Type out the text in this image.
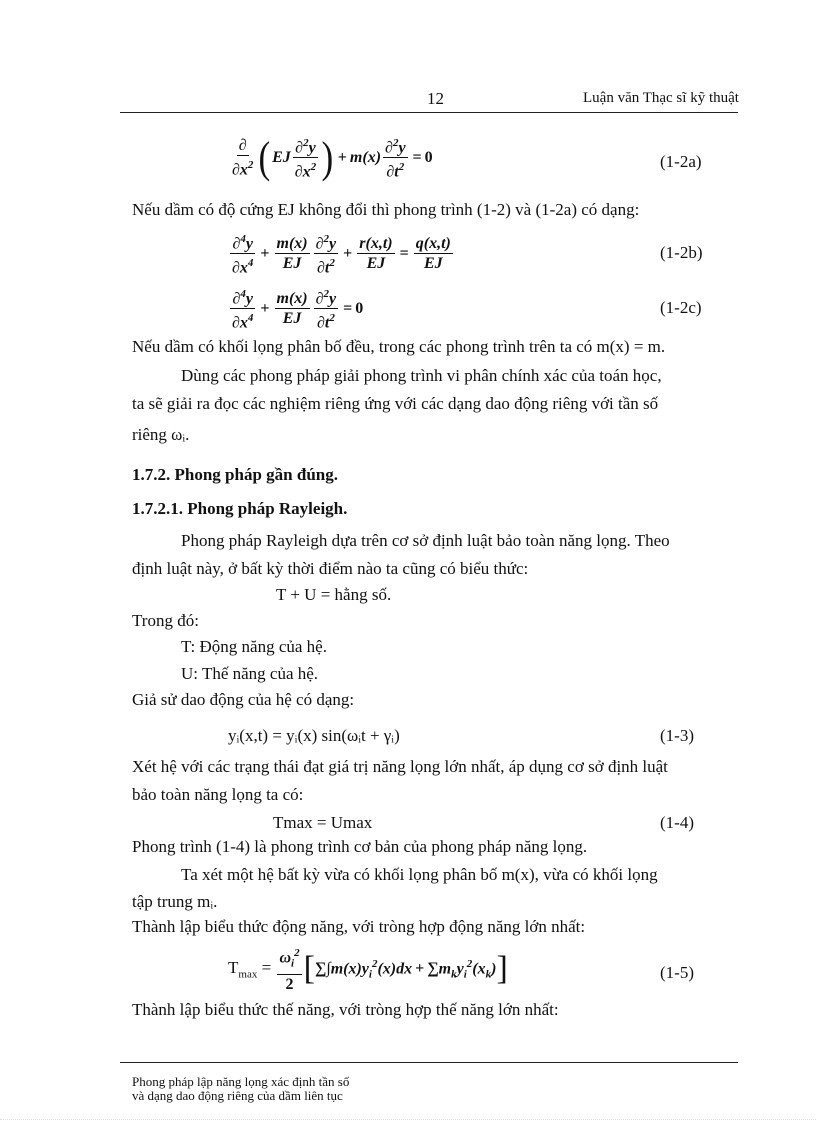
12	Luận văn Thạc sĩ kỹ thuật
$\frac{\partial}{\partial x^2}$ ( EJ $\frac{\partial^2y}{\partial x^2}$ ) + $m(x) \frac{\partial^2y}{\partial t^2} = 0$	(1-2a)
Nếu dầm có độ cứng EJ không đổi thì phong trình (1-2) và (1-2a) có dạng:
$\frac{\partial^4y}{\partial x^4} + \frac{m(x)}{EJ} \frac{\partial^2y}{\partial t^2} + \frac{r(x,t)}{EJ} = \frac{q(x,t)}{EJ}$	(1-2b)
$\frac{\partial^4y}{\partial x^4} + \frac{m(x)}{EJ} \frac{\partial^2y}{\partial t^2} = 0$	(1-2c)
Nếu dầm có khối lọng phân bố đều, trong các phong trình trên ta có m(x) = m.
Dùng các phong pháp giải phong trình vi phân chính xác của toán học,
ta sẽ giải ra đọc các nghiệm riêng ứng với các dạng dao động riêng với tần số
riêng ωᵢ.
1.7.2. Phong pháp gần đúng.
1.7.2.1. Phong pháp Rayleigh.
Phong pháp Rayleigh dựa trên cơ sở định luật bảo toàn năng lọng. Theo
định luật này, ở bất kỳ thời điểm nào ta cũng có biểu thức:
T + U = hằng số.
Trong đó:
T: Động năng của hệ.
U: Thế năng của hệ.
Giả sử dao động của hệ có dạng:
yᵢ(x,t) = yᵢ(x) sin(ωᵢt + γᵢ)	(1-3)
Xét hệ với các trạng thái đạt giá trị năng lọng lớn nhất, áp dụng cơ sở định luật
bảo toàn năng lọng ta có:
Tmax = Umax	(1-4)
Phong trình (1-4) là phong trình cơ bản của phong pháp năng lọng.
Ta xét một hệ bất kỳ vừa có khối lọng phân bố m(x), vừa có khối lọng
tập trung mᵢ.
Thành lập biểu thức động năng, với tròng hợp động năng lớn nhất:
$T_{max} = \frac{\omega_i^2}{2}$ [ ∑∫ $m(x)y_i^2(x)dx$ + ∑ $m_ky_i^2(x_k)$ ]	(1-5)
Thành lập biểu thức thế năng, với tròng hợp thế năng lớn nhất:
Phong pháp lập năng lọng xác định tần số
và dạng dao động riêng của dầm liên tục
